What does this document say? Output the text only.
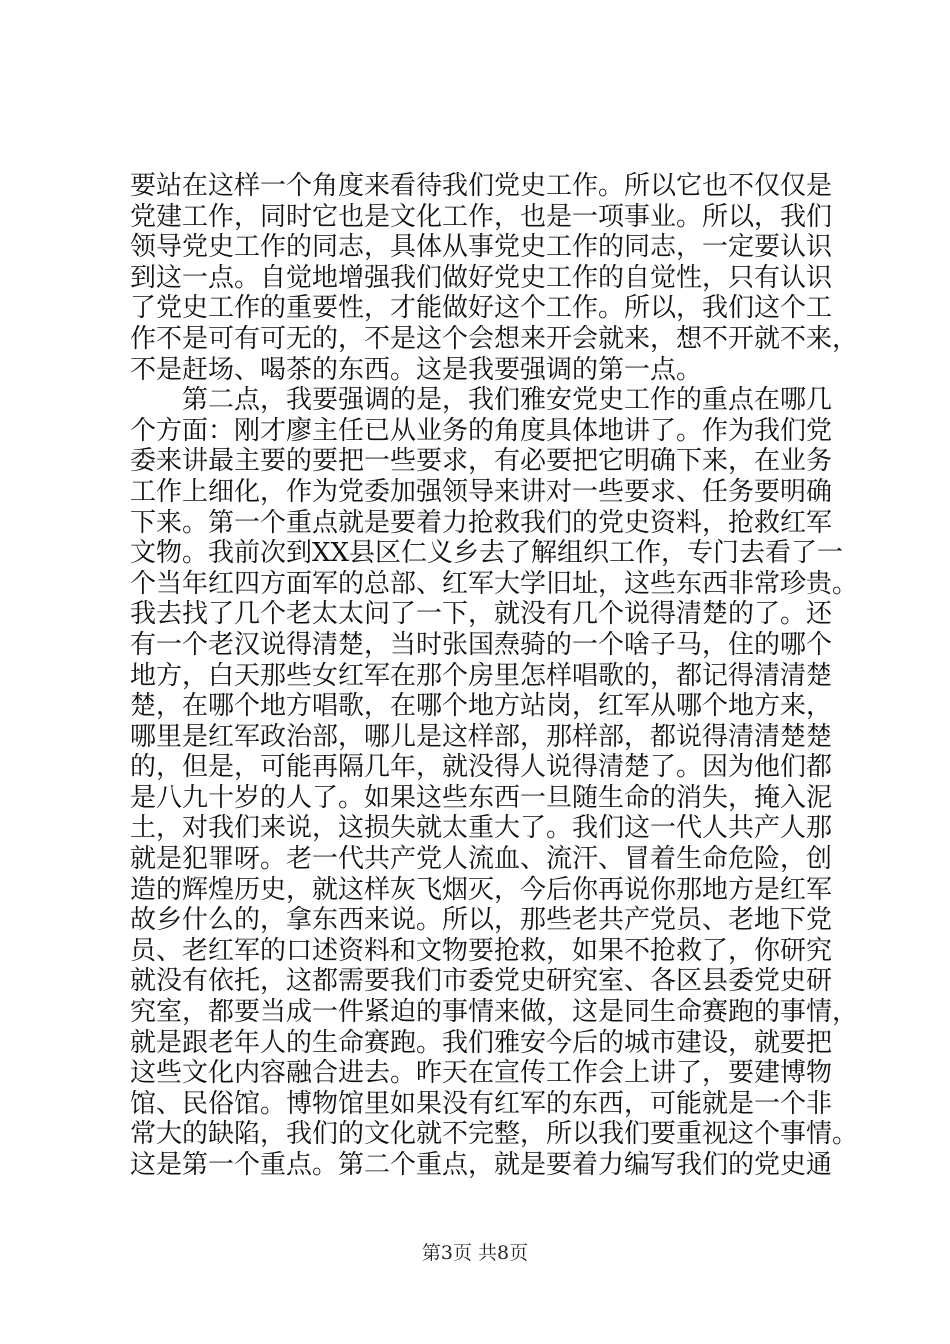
要站在这样一个角度来看待我们党史工作。所以它也不仅仅是
党建工作，同时它也是文化工作，也是一项事业。所以，我们
领导党史工作的同志，具体从事党史工作的同志，一定要认识
到这一点。自觉地增强我们做好党史工作的自觉性，只有认识
了党史工作的重要性，才能做好这个工作。所以，我们这个工
作不是可有可无的，不是这个会想来开会就来，想不开就不来，
不是赶场、喝茶的东西。这是我要强调的第一点。
第二点，我要强调的是，我们雅安党史工作的重点在哪几
个方面：刚才廖主任已从业务的角度具体地讲了。作为我们党
委来讲最主要的要把一些要求，有必要把它明确下来，在业务
工作上细化，作为党委加强领导来讲对一些要求、任务要明确
下来。第一个重点就是要着力抢救我们的党史资料，抢救红军
文物。我前次到XX县区仁义乡去了解组织工作，专门去看了一
个当年红四方面军的总部、红军大学旧址，这些东西非常珍贵。
我去找了几个老太太问了一下，就没有几个说得清楚的了。还
有一个老汉说得清楚，当时张国焘骑的一个啥子马，住的哪个
地方，白天那些女红军在那个房里怎样唱歌的，都记得清清楚
楚，在哪个地方唱歌，在哪个地方站岗，红军从哪个地方来，
哪里是红军政治部，哪儿是这样部，那样部，都说得清清楚楚
的，但是，可能再隔几年，就没得人说得清楚了。因为他们都
是八九十岁的人了。如果这些东西一旦随生命的消失，掩入泥
土，对我们来说，这损失就太重大了。我们这一代人共产人那
就是犯罪呀。老一代共产党人流血、流汗、冒着生命危险，创
造的辉煌历史，就这样灰飞烟灭，今后你再说你那地方是红军
故乡什么的，拿东西来说。所以，那些老共产党员、老地下党
员、老红军的口述资料和文物要抢救，如果不抢救了，你研究
就没有依托，这都需要我们市委党史研究室、各区县委党史研
究室，都要当成一件紧迫的事情来做，这是同生命赛跑的事情，
就是跟老年人的生命赛跑。我们雅安今后的城市建设，就要把
这些文化内容融合进去。昨天在宣传工作会上讲了，要建博物
馆、民俗馆。博物馆里如果没有红军的东西，可能就是一个非
常大的缺陷，我们的文化就不完整，所以我们要重视这个事情。
这是第一个重点。第二个重点，就是要着力编写我们的党史通
第3页 共8页
